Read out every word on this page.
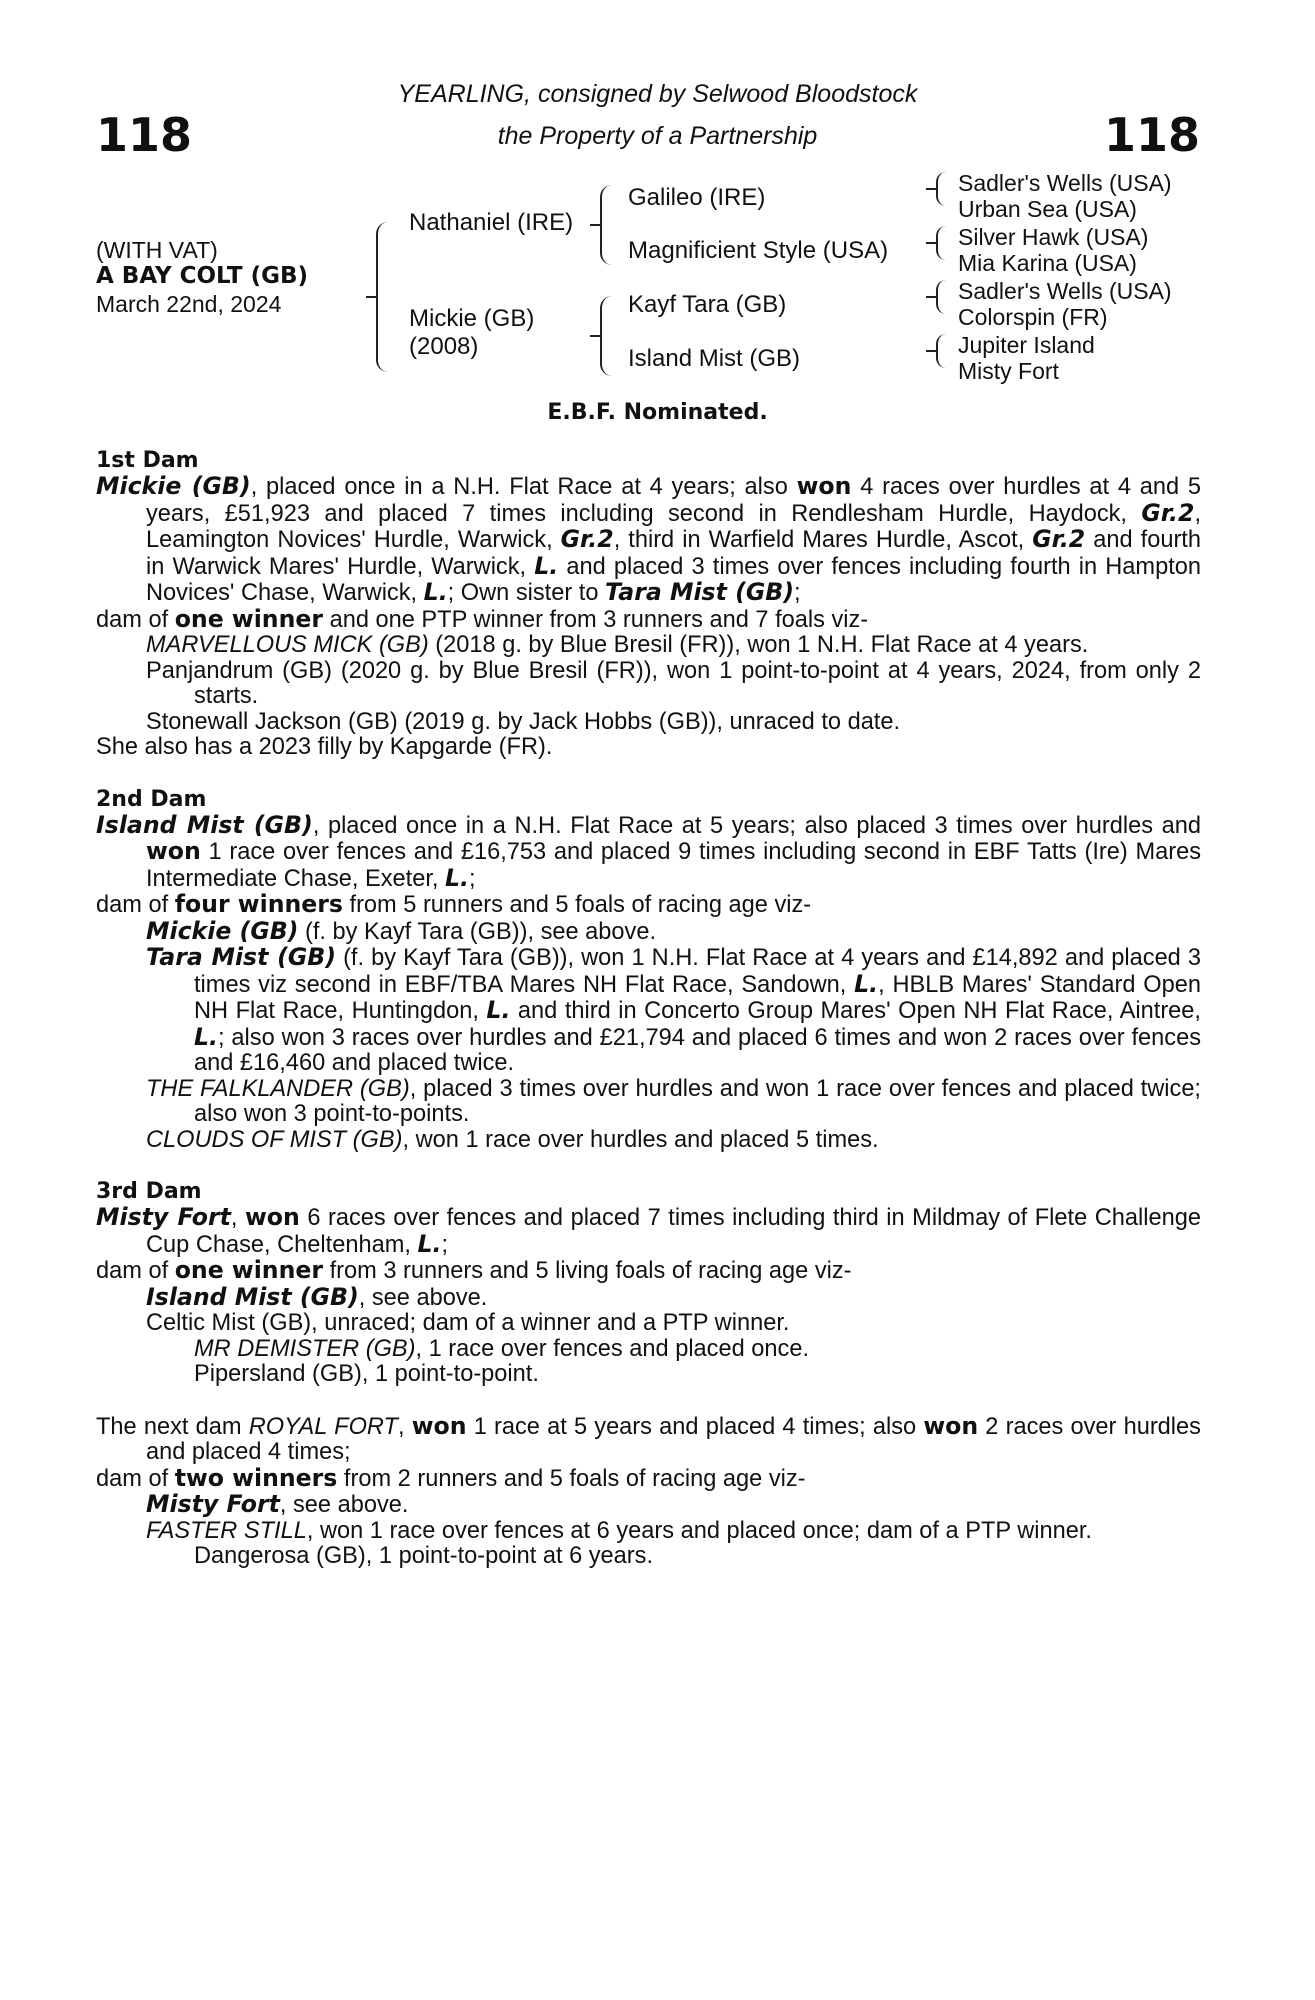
118	118
YEARLING, consigned by Selwood Bloodstock
the Property of a Partnership
(WITH VAT)
A BAY COLT (GB)
March 22nd, 2024
Nathaniel (IRE)
Mickie (GB)
(2008)
Galileo (IRE)
Magnificient Style (USA)
Kayf Tara (GB)
Island Mist (GB)
Sadler's Wells (USA)
Urban Sea (USA)
Silver Hawk (USA)
Mia Karina (USA)
Sadler's Wells (USA)
Colorspin (FR)
Jupiter Island
Misty Fort
E.B.F. Nominated.

1st Dam

Mickie (GB), placed once in a N.H. Flat Race at 4 years; also won 4 races over hurdles at 4 and 5 years, £51,923 and placed 7 times including second in Rendlesham Hurdle, Haydock, Gr.2, Leamington Novices' Hurdle, Warwick, Gr.2, third in Warfield Mares Hurdle, Ascot, Gr.2 and fourth in Warwick Mares' Hurdle, Warwick, L. and placed 3 times over fences including fourth in Hampton Novices' Chase, Warwick, L.; Own sister to Tara Mist (GB);

dam of one winner and one PTP winner from 3 runners and 7 foals viz-

MARVELLOUS MICK (GB) (2018 g. by Blue Bresil (FR)), won 1 N.H. Flat Race at 4 years.

Panjandrum (GB) (2020 g. by Blue Bresil (FR)), won 1 point-to-point at 4 years, 2024, from only 2 starts.

Stonewall Jackson (GB) (2019 g. by Jack Hobbs (GB)), unraced to date.

She also has a 2023 filly by Kapgarde (FR).

2nd Dam

Island Mist (GB), placed once in a N.H. Flat Race at 5 years; also placed 3 times over hurdles and won 1 race over fences and £16,753 and placed 9 times including second in EBF Tatts (Ire) Mares Intermediate Chase, Exeter, L.;

dam of four winners from 5 runners and 5 foals of racing age viz-

Mickie (GB) (f. by Kayf Tara (GB)), see above.

Tara Mist (GB) (f. by Kayf Tara (GB)), won 1 N.H. Flat Race at 4 years and £14,892 and placed 3 times viz second in EBF/TBA Mares NH Flat Race, Sandown, L., HBLB Mares' Standard Open NH Flat Race, Huntingdon, L. and third in Concerto Group Mares' Open NH Flat Race, Aintree, L.; also won 3 races over hurdles and £21,794 and placed 6 times and won 2 races over fences and £16,460 and placed twice.

THE FALKLANDER (GB), placed 3 times over hurdles and won 1 race over fences and placed twice; also won 3 point-to-points.

CLOUDS OF MIST (GB), won 1 race over hurdles and placed 5 times.

3rd Dam

Misty Fort, won 6 races over fences and placed 7 times including third in Mildmay of Flete Challenge Cup Chase, Cheltenham, L.;

dam of one winner from 3 runners and 5 living foals of racing age viz-

Island Mist (GB), see above.

Celtic Mist (GB), unraced; dam of a winner and a PTP winner.

MR DEMISTER (GB), 1 race over fences and placed once.

Pipersland (GB), 1 point-to-point.

The next dam ROYAL FORT, won 1 race at 5 years and placed 4 times; also won 2 races over hurdles and placed 4 times;

dam of two winners from 2 runners and 5 foals of racing age viz-

Misty Fort, see above.

FASTER STILL, won 1 race over fences at 6 years and placed once; dam of a PTP winner.

Dangerosa (GB), 1 point-to-point at 6 years.
